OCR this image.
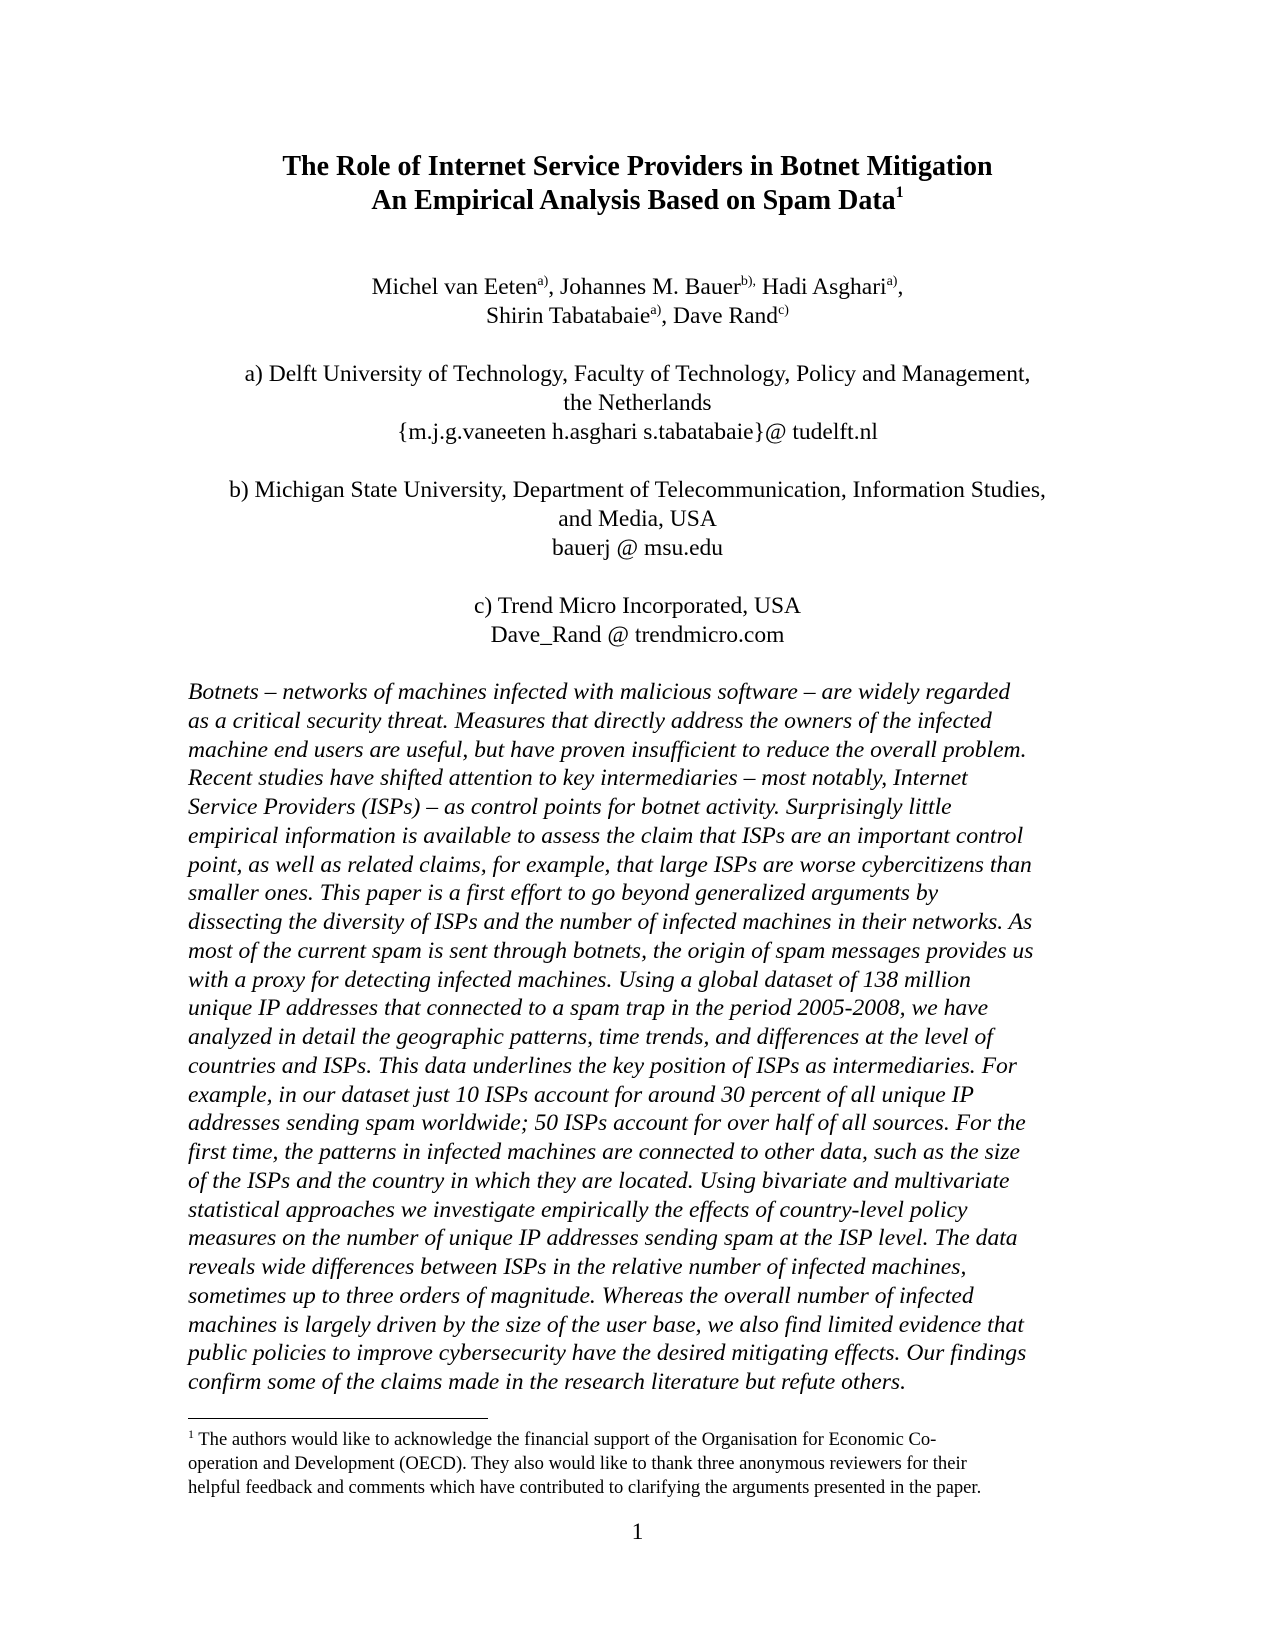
The Role of Internet Service Providers in Botnet Mitigation
An Empirical Analysis Based on Spam Data$^1$
Michel van Eeten$^{a)}$, Johannes M. Bauer$^{b),}$ Hadi Asghari$^{a)}$,
Shirin Tabatabaie$^{a)}$, Dave Rand$^{c)}$
a) Delft University of Technology, Faculty of Technology, Policy and Management,
the Netherlands
{m.j.g.vaneeten h.asghari s.tabatabaie}@ tudelft.nl
b) Michigan State University, Department of Telecommunication, Information Studies,
and Media, USA
bauerj @ msu.edu
c) Trend Micro Incorporated, USA
Dave_Rand @ trendmicro.com
Botnets – networks of machines infected with malicious software – are widely regarded
as a critical security threat. Measures that directly address the owners of the infected
machine end users are useful, but have proven insufficient to reduce the overall problem.
Recent studies have shifted attention to key intermediaries – most notably, Internet
Service Providers (ISPs) – as control points for botnet activity. Surprisingly little
empirical information is available to assess the claim that ISPs are an important control
point, as well as related claims, for example, that large ISPs are worse cybercitizens than
smaller ones. This paper is a first effort to go beyond generalized arguments by
dissecting the diversity of ISPs and the number of infected machines in their networks. As
most of the current spam is sent through botnets, the origin of spam messages provides us
with a proxy for detecting infected machines. Using a global dataset of 138 million
unique IP addresses that connected to a spam trap in the period 2005-2008, we have
analyzed in detail the geographic patterns, time trends, and differences at the level of
countries and ISPs. This data underlines the key position of ISPs as intermediaries. For
example, in our dataset just 10 ISPs account for around 30 percent of all unique IP
addresses sending spam worldwide; 50 ISPs account for over half of all sources. For the
first time, the patterns in infected machines are connected to other data, such as the size
of the ISPs and the country in which they are located. Using bivariate and multivariate
statistical approaches we investigate empirically the effects of country-level policy
measures on the number of unique IP addresses sending spam at the ISP level. The data
reveals wide differences between ISPs in the relative number of infected machines,
sometimes up to three orders of magnitude. Whereas the overall number of infected
machines is largely driven by the size of the user base, we also find limited evidence that
public policies to improve cybersecurity have the desired mitigating effects. Our findings
confirm some of the claims made in the research literature but refute others.
$^1$ The authors would like to acknowledge the financial support of the Organisation for Economic Co-
operation and Development (OECD). They also would like to thank three anonymous reviewers for their
helpful feedback and comments which have contributed to clarifying the arguments presented in the paper.
1
